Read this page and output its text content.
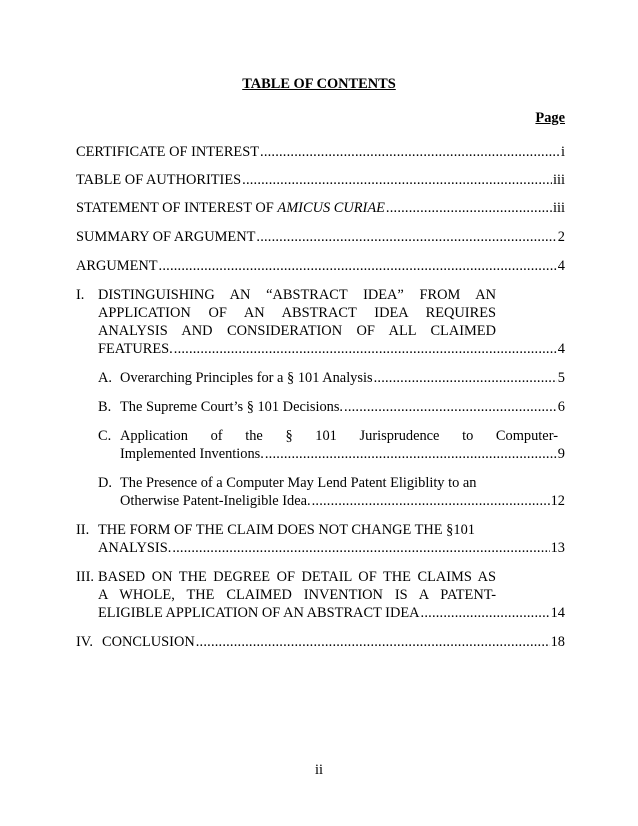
TABLE OF CONTENTS
Page
CERTIFICATE OF INTEREST .....	i
TABLE OF AUTHORITIES .....	iii
STATEMENT OF INTEREST OF AMICUS CURIAE .....	iii
SUMMARY OF ARGUMENT .....	2
ARGUMENT .....	4
I. DISTINGUISHING AN “ABSTRACT IDEA” FROM AN
APPLICATION OF AN ABSTRACT IDEA REQUIRES
ANALYSIS AND CONSIDERATION OF ALL CLAIMED
FEATURES. .....	4
A. Overarching Principles for a § 101 Analysis .....	5
B. The Supreme Court’s § 101 Decisions. .....	6
C. Application of the § 101 Jurisprudence to Computer-
Implemented Inventions. .....	9
D. The Presence of a Computer May Lend Patent Eligiblity to an
Otherwise Patent-Ineligible Idea. .....	12
II. THE FORM OF THE CLAIM DOES NOT CHANGE THE §101
ANALYSIS. .....	13
III. BASED ON THE DEGREE OF DETAIL OF THE CLAIMS AS
A WHOLE, THE CLAIMED INVENTION IS A PATENT-
ELIGIBLE APPLICATION OF AN ABSTRACT IDEA .....	14
IV. CONCLUSION .....	18
ii
